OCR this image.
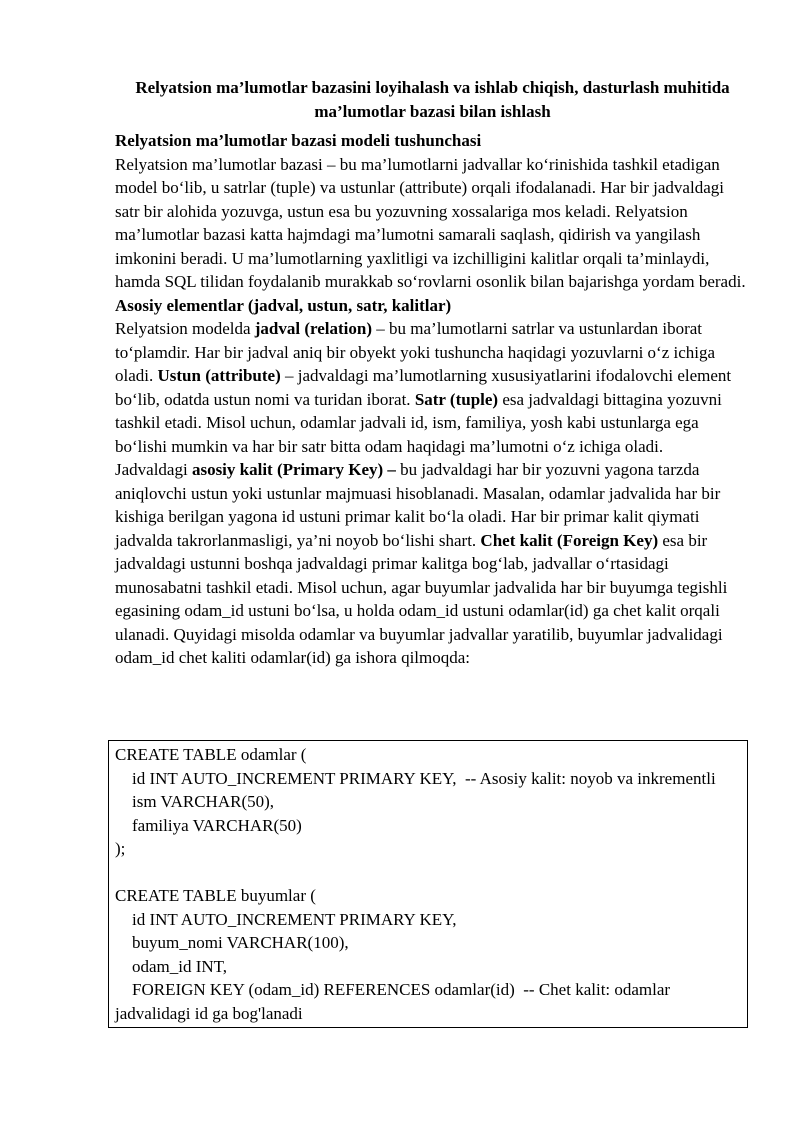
Relyatsion ma’lumotlar bazasini loyihalash va ishlab chiqish, dasturlash muhitida ma’lumotlar bazasi bilan ishlash

Relyatsion ma’lumotlar bazasi modeli tushunchasi

Relyatsion ma’lumotlar bazasi – bu ma’lumotlarni jadvallar ko‘rinishida tashkil etadigan model bo‘lib, u satrlar (tuple) va ustunlar (attribute) orqali ifodalanadi. Har bir jadvaldagi satr bir alohida yozuvga, ustun esa bu yozuvning xossalariga mos keladi. Relyatsion ma’lumotlar bazasi katta hajmdagi ma’lumotni samarali saqlash, qidirish va yangilash imkonini beradi. U ma’lumotlarning yaxlitligi va izchilligini kalitlar orqali ta’minlaydi, hamda SQL tilidan foydalanib murakkab so‘rovlarni osonlik bilan bajarishga yordam beradi.

Asosiy elementlar (jadval, ustun, satr, kalitlar)

Relyatsion modelda jadval (relation) – bu ma’lumotlarni satrlar va ustunlardan iborat to‘plamdir. Har bir jadval aniq bir obyekt yoki tushuncha haqidagi yozuvlarni o‘z ichiga oladi. Ustun (attribute) – jadvaldagi ma’lumotlarning xususiyatlarini ifodalovchi element bo‘lib, odatda ustun nomi va turidan iborat. Satr (tuple) esa jadvaldagi bittagina yozuvni tashkil etadi. Misol uchun, odamlar jadvali id, ism, familiya, yosh kabi ustunlarga ega bo‘lishi mumkin va har bir satr bitta odam haqidagi ma’lumotni o‘z ichiga oladi.

Jadvaldagi asosiy kalit (Primary Key) – bu jadvaldagi har bir yozuvni yagona tarzda aniqlovchi ustun yoki ustunlar majmuasi hisoblanadi. Masalan, odamlar jadvalida har bir kishiga berilgan yagona id ustuni primar kalit bo‘la oladi. Har bir primar kalit qiymati jadvalda takrorlanmasligi, ya’ni noyob bo‘lishi shart. Chet kalit (Foreign Key) esa bir jadvaldagi ustunni boshqa jadvaldagi primar kalitga bog‘lab, jadvallar o‘rtasidagi munosabatni tashkil etadi. Misol uchun, agar buyumlar jadvalida har bir buyumga tegishli egasining odam_id ustuni bo‘lsa, u holda odam_id ustuni odamlar(id) ga chet kalit orqali ulanadi. Quyidagi misolda odamlar va buyumlar jadvallar yaratilib, buyumlar jadvalidagi odam_id chet kaliti odamlar(id) ga ishora qilmoqda:

CREATE TABLE odamlar (

id INT AUTO_INCREMENT PRIMARY KEY,  -- Asosiy kalit: noyob va inkrementli

ism VARCHAR(50),

familiya VARCHAR(50)

);

CREATE TABLE buyumlar (

id INT AUTO_INCREMENT PRIMARY KEY,

buyum_nomi VARCHAR(100),

odam_id INT,

FOREIGN KEY (odam_id) REFERENCES odamlar(id)  -- Chet kalit: odamlar jadvalidagi id ga bog'lanadi
